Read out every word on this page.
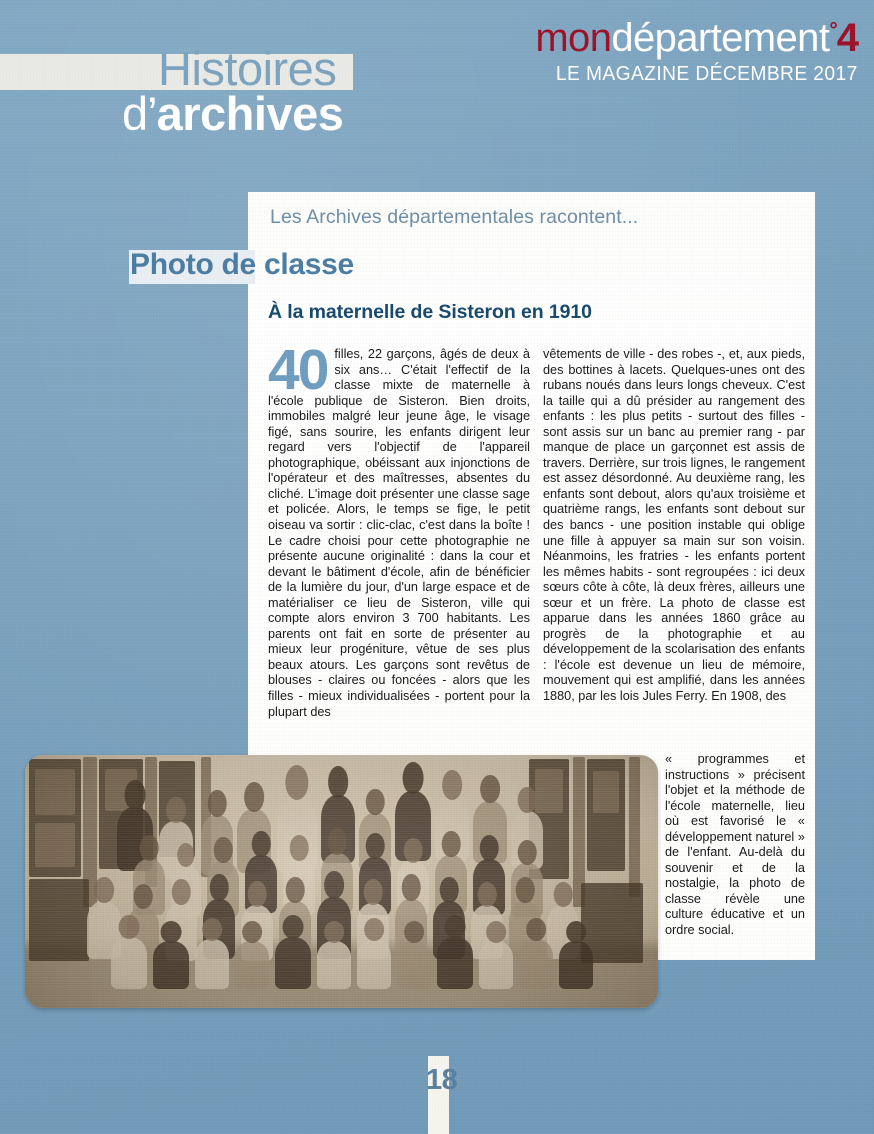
mondépartement°4
LE MAGAZINE DÉCEMBRE 2017
Histoires
d’archives
Les Archives départementales racontent...
Photo de classe
À la maternelle de Sisteron en 1910
40 filles, 22 garçons, âgés de deux à six ans… C'était l'effectif de la classe mixte de maternelle à l'école publique de Sisteron. Bien droits, immobiles malgré leur jeune âge, le visage figé, sans sourire, les enfants dirigent leur regard vers l'objectif de l'appareil photographique, obéissant aux injonctions de l'opérateur et des maîtresses, absentes du cliché. L'image doit présenter une classe sage et policée. Alors, le temps se fige, le petit oiseau va sortir : clic-clac, c'est dans la boîte ! Le cadre choisi pour cette photographie ne présente aucune originalité : dans la cour et devant le bâtiment d'école, afin de bénéficier de la lumière du jour, d'un large espace et de matérialiser ce lieu de Sisteron, ville qui compte alors environ 3 700 habitants. Les parents ont fait en sorte de présenter au mieux leur progéniture, vêtue de ses plus beaux atours. Les garçons sont revêtus de blouses - claires ou foncées - alors que les filles - mieux individualisées - portent pour la plupart des
vêtements de ville - des robes -, et, aux pieds, des bottines à lacets. Quelques-unes ont des rubans noués dans leurs longs cheveux. C'est la taille qui a dû présider au rangement des enfants : les plus petits - surtout des filles - sont assis sur un banc au premier rang - par manque de place un garçonnet est assis de travers. Derrière, sur trois lignes, le rangement est assez désordonné. Au deuxième rang, les enfants sont debout, alors qu'aux troisième et quatrième rangs, les enfants sont debout sur des bancs - une position instable qui oblige une fille à appuyer sa main sur son voisin. Néanmoins, les fratries - les enfants portent les mêmes habits - sont regroupées : ici deux sœurs côte à côte, là deux frères, ailleurs une sœur et un frère. La photo de classe est apparue dans les années 1860 grâce au progrès de la photographie et au développement de la scolarisation des enfants : l'école est devenue un lieu de mémoire, mouvement qui est amplifié, dans les années 1880, par les lois Jules Ferry. En 1908, des
« programmes et instructions » précisent l'objet et la méthode de l'école maternelle, lieu où est favorisé le « développement naturel » de l'enfant. Au-delà du souvenir et de la nostalgie, la photo de classe révèle une culture éducative et un ordre social.
18
